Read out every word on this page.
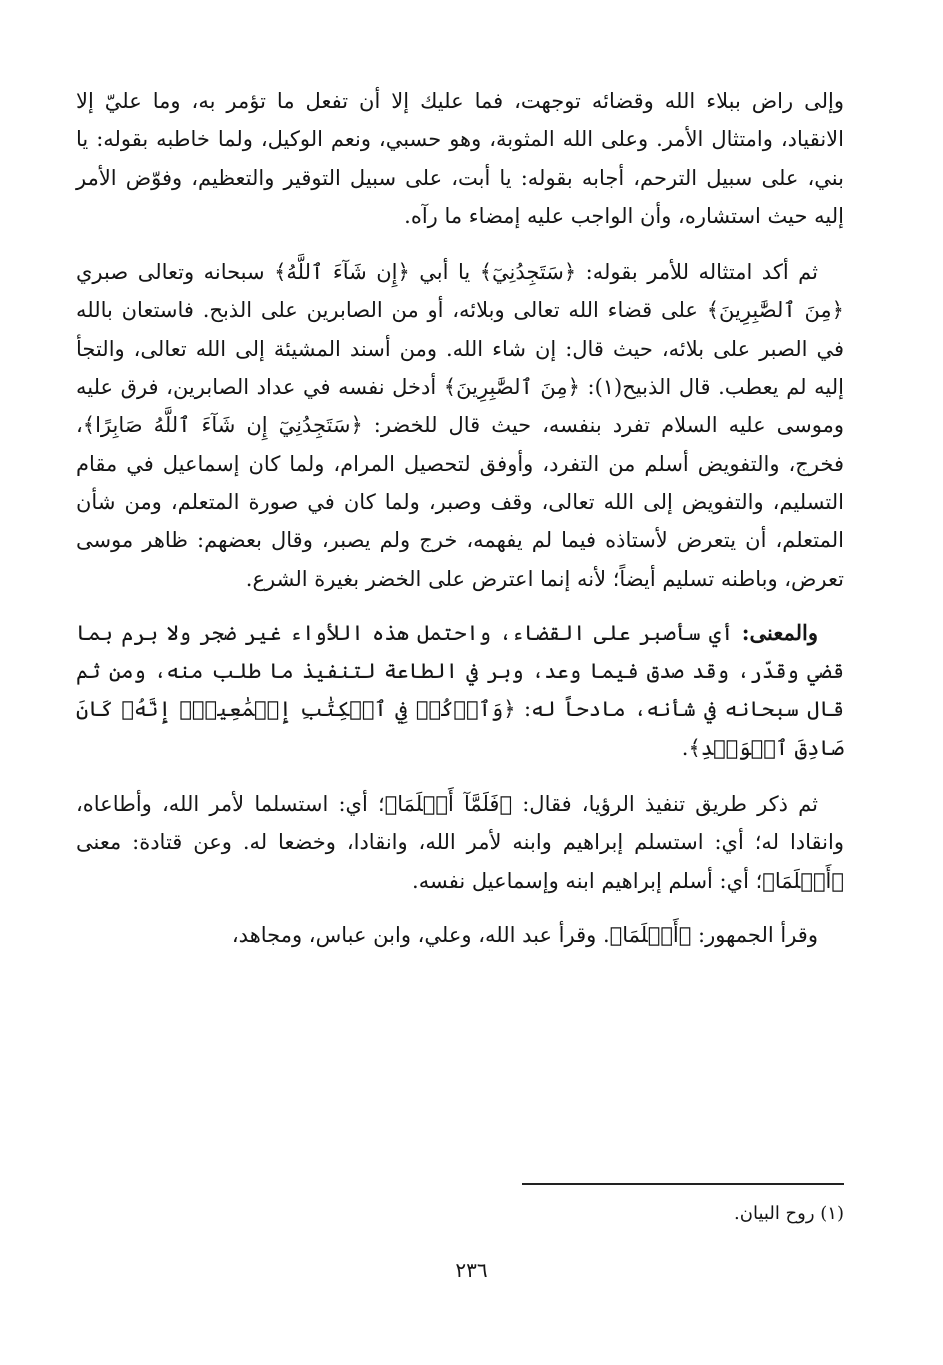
وإلى راض ببلاء الله وقضائه توجهت، فما عليك إلا أن تفعل ما تؤمر به، وما عليّ إلا الانقياد، وامتثال الأمر. وعلى الله المثوبة، وهو حسبي، ونعم الوكيل، ولما خاطبه بقوله: يا بني، على سبيل الترحم، أجابه بقوله: يا أبت، على سبيل التوقير والتعظيم، وفوّض الأمر إليه حيث استشاره، وأن الواجب عليه إمضاء ما رآه.

ثم أكد امتثاله للأمر بقوله: ﴿سَتَجِدُنِيٓ﴾ يا أبي ﴿إِن شَآءَ ٱللَّهُ﴾ سبحانه وتعالى صبري ﴿مِنَ ٱلصَّٰبِرِينَ﴾ على قضاء الله تعالى وبلائه، أو من الصابرين على الذبح. فاستعان بالله في الصبر على بلائه، حيث قال: إن شاء الله. ومن أسند المشيئة إلى الله تعالى، والتجأ إليه لم يعطب. قال الذبيح(١): ﴿مِنَ ٱلصَّٰبِرِينَ﴾ أدخل نفسه في عداد الصابرين، فرق عليه وموسى عليه السلام تفرد بنفسه، حيث قال للخضر: ﴿سَتَجِدُنِيٓ إِن شَآءَ ٱللَّهُ صَابِرًا﴾، فخرج، والتفويض أسلم من التفرد، وأوفق لتحصيل المرام، ولما كان إسماعيل في مقام التسليم، والتفويض إلى الله تعالى، وقف وصبر، ولما كان في صورة المتعلم، ومن شأن المتعلم، أن يتعرض لأستاذه فيما لم يفهمه، خرج ولم يصبر، وقال بعضهم: ظاهر موسى تعرض، وباطنه تسليم أيضاً؛ لأنه إنما اعترض على الخضر بغيرة الشرع.

والمعنى: أي سأصبر على القضاء، واحتمل هذه اللأواء غير ضجر ولا برم بما قضي وقدّر، وقد صدق فيما وعد، وبر في الطاعة لتنفيذ ما طلب منه، ومن ثم قال سبحانه في شأنه، مادحاً له: ﴿وَٱذۡكُرۡ فِي ٱلۡكِتَٰبِ إِسۡمَٰعِيلَۚ إِنَّهُۥ كَانَ صَادِقَ ٱلۡوَعۡدِ﴾.

ثم ذكر طريق تنفيذ الرؤيا، فقال: ﴿فَلَمَّآ أَسۡلَمَا﴾؛ أي: استسلما لأمر الله، وأطاعاه، وانقادا له؛ أي: استسلم إبراهيم وابنه لأمر الله، وانقادا، وخضعا له. وعن قتادة: معنى ﴿أَسۡلَمَا﴾؛ أي: أسلم إبراهيم ابنه وإسماعيل نفسه.

وقرأ الجمهور: ﴿أَسۡلَمَا﴾. وقرأ عبد الله، وعلي، وابن عباس، ومجاهد،

(١) روح البيان.
٢٣٦
